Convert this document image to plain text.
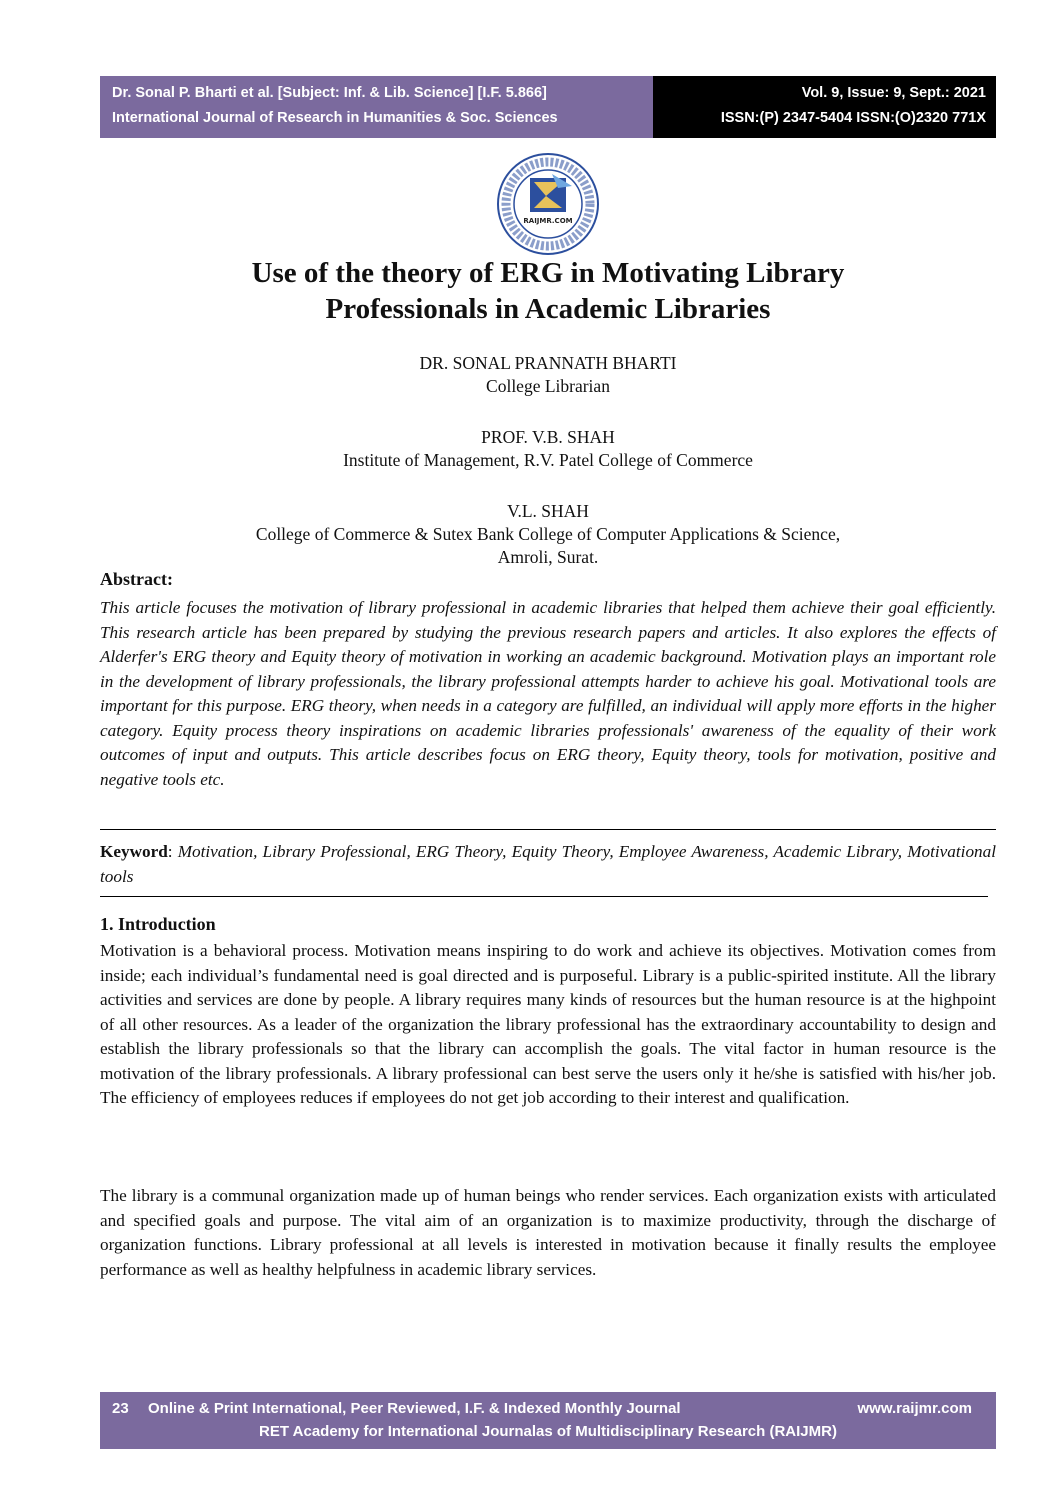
Dr. Sonal P. Bharti et al. [Subject: Inf. & Lib. Science] [I.F. 5.866]
International Journal of Research in Humanities & Soc. Sciences
Vol. 9, Issue: 9, Sept.: 2021
ISSN:(P) 2347-5404 ISSN:(O)2320 771X
RAIJMR.COM
Use of the theory of ERG in Motivating Library
Professionals in Academic Libraries

DR. SONAL PRANNATH BHARTI

College Librarian

PROF. V.B. SHAH

Institute of Management, R.V. Patel College of Commerce

V.L. SHAH

College of Commerce & Sutex Bank College of Computer Applications & Science,

Amroli, Surat.

Abstract:
This article focuses the motivation of library professional in academic libraries that helped them achieve their goal efficiently. This research article has been prepared by studying the previous research papers and articles. It also explores the effects of Alderfer's ERG theory and Equity theory of motivation in working an academic background. Motivation plays an important role in the development of library professionals, the library professional attempts harder to achieve his goal. Motivational tools are important for this purpose. ERG theory, when needs in a category are fulfilled, an individual will apply more efforts in the higher category. Equity process theory inspirations on academic libraries professionals' awareness of the equality of their work outcomes of input and outputs. This article describes focus on ERG theory, Equity theory, tools for motivation, positive and negative tools etc.
Keyword: Motivation, Library Professional, ERG Theory, Equity Theory, Employee Awareness, Academic Library, Motivational tools
1. Introduction

Motivation is a behavioral process. Motivation means inspiring to do work and achieve its objectives. Motivation comes from inside; each individual’s fundamental need is goal directed and is purposeful. Library is a public-spirited institute. All the library activities and services are done by people. A library requires many kinds of resources but the human resource is at the highpoint of all other resources. As a leader of the organization the library professional has the extraordinary accountability to design and establish the library professionals so that the library can accomplish the goals. The vital factor in human resource is the motivation of the library professionals. A library professional can best serve the users only it he/she is satisfied with his/her job. The efficiency of employees reduces if employees do not get job according to their interest and qualification.

The library is a communal organization made up of human beings who render services. Each organization exists with articulated and specified goals and purpose. The vital aim of an organization is to maximize productivity, through the discharge of organization functions. Library professional at all levels is interested in motivation because it finally results the employee performance as well as healthy helpfulness in academic library services.

23 Online & Print International, Peer Reviewed, I.F. & Indexed Monthly Journal	www.raijmr.com
RET Academy for International Journalas of Multidisciplinary Research (RAIJMR)
